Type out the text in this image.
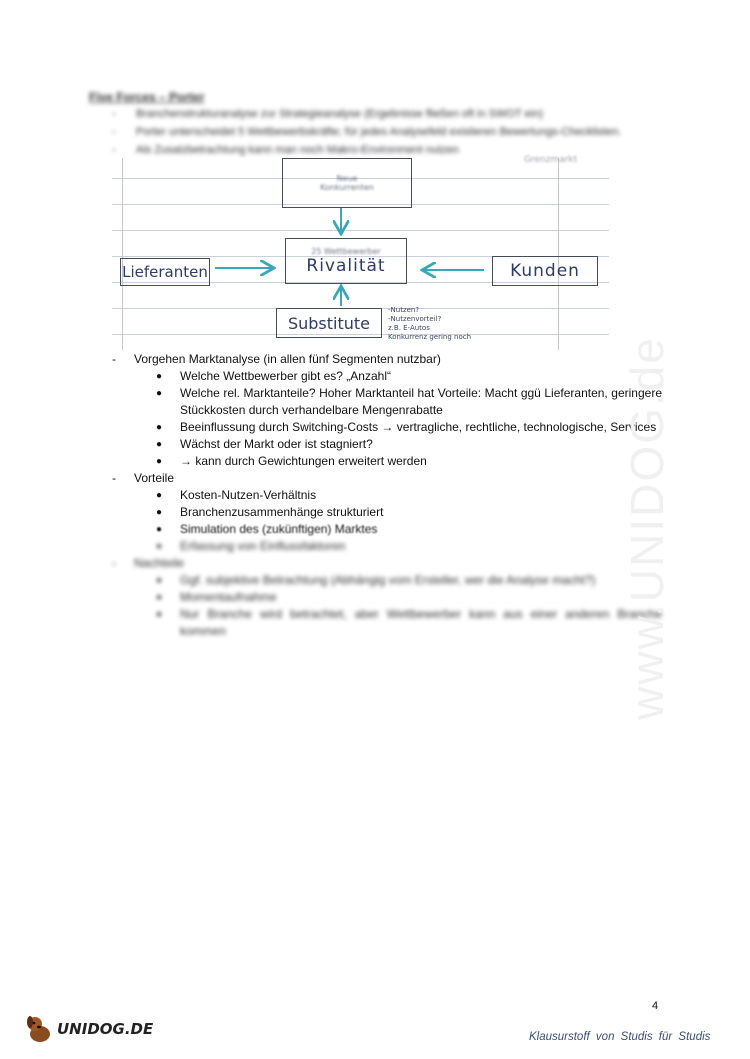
Five Forces – Porter
-	Branchenstrukturanalyse zur Strategieanalyse (Ergebnisse fließen oft in SWOT ein)
-	Porter unterscheidet 5 Wettbewerbskräfte; für jedes Analysefeld existieren Bewertungs-Checklisten.
-	Als Zusatzbetrachtung kann man noch Makro-Environment nutzen
Grenzmarkt
Neue
Konkurrenten
25 Wettbewerber
Rivalität
Lieferanten	Kunden
Substitute
-Nutzen?
-Nutzenvorteil?
z.B. E-Autos
Konkurrenz gering noch
-	Vorgehen Marktanalyse (in allen fünf Segmenten nutzbar)
●	Welche Wettbewerber gibt es? „Anzahl“
●	Welche rel. Marktanteile? Hoher Marktanteil hat Vorteile: Macht ggü Lieferanten, geringere Stückkosten durch verhandelbare Mengenrabatte
●	Beeinflussung durch Switching-Costs → vertragliche, rechtliche, technologische, Services
●	Wächst der Markt oder ist stagniert?
●	→ kann durch Gewichtungen erweitert werden
-	Vorteile
●	Kosten-Nutzen-Verhältnis
●	Branchenzusammenhänge strukturiert
●	Simulation des (zukünftigen) Marktes
●	Erfassung von Einflussfaktoren
-	Nachteile
●	Ggf. subjektive Betrachtung (Abhängig vom Ersteller, wer die Analyse macht?)
●	Momentaufnahme
●	Nur Branche wird betrachtet, aber Wettbewerber kann aus einer anderen Branche kommen	www.UNIDOG.de
4
UNIDOG.DE	Klausurstoff von Studis für Studis
